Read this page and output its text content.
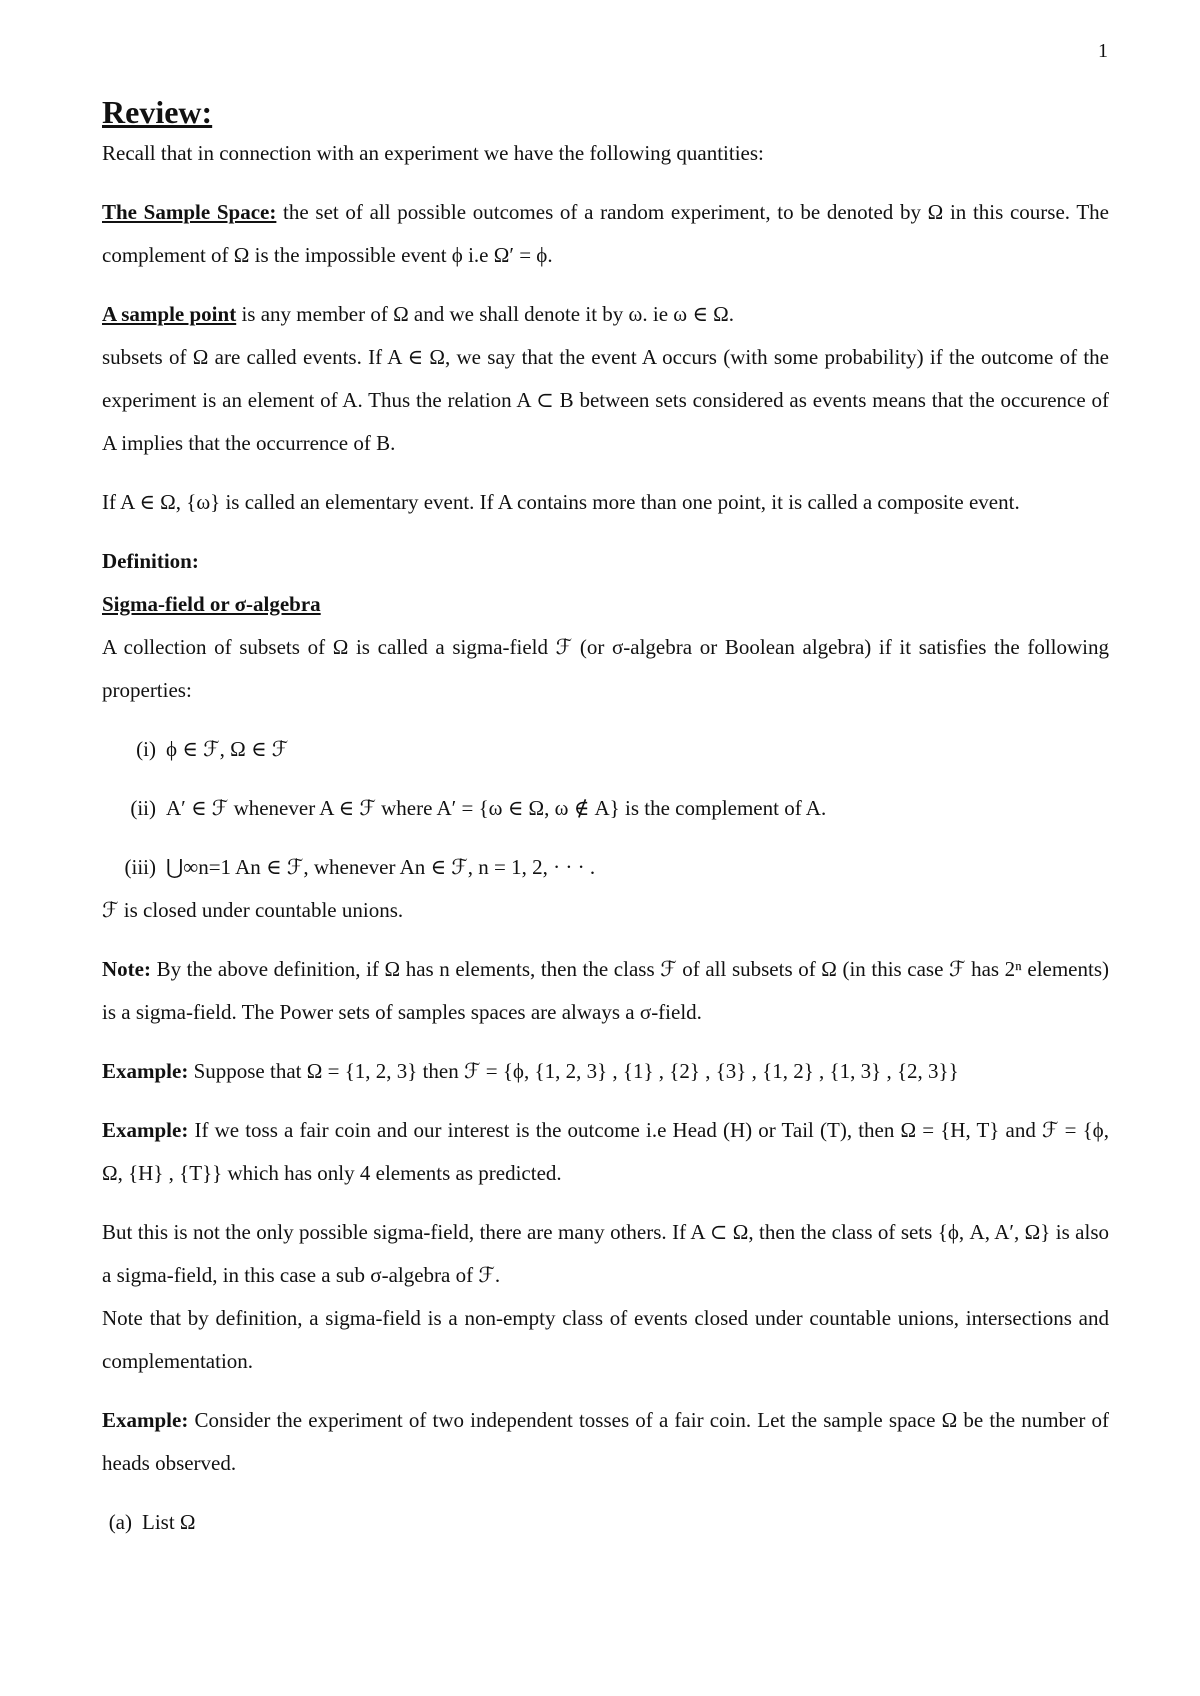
1

Review:

Recall that in connection with an experiment we have the following quantities:

The Sample Space: the set of all possible outcomes of a random experiment, to be denoted by Ω in this course. The complement of Ω is the impossible event ϕ i.e Ω′ = ϕ.

A sample point is any member of Ω and we shall denote it by ω. ie ω ∈ Ω.

subsets of Ω are called events. If A ∈ Ω, we say that the event A occurs (with some probability) if the outcome of the experiment is an element of A. Thus the relation A ⊂ B between sets considered as events means that the occurence of A implies that the occurrence of B.

If A ∈ Ω, {ω} is called an elementary event. If A contains more than one point, it is called a composite event.

Definition:

Sigma-field or σ-algebra

A collection of subsets of Ω is called a sigma-field ℱ (or σ-algebra or Boolean algebra) if it satisfies the following properties:

(i) ϕ ∈ ℱ, Ω ∈ ℱ
(ii) A′ ∈ ℱ whenever A ∈ ℱ where A′ = {ω ∈ Ω, ω ∉ A} is the complement of A.
(iii) ⋃∞n=1 An ∈ ℱ, whenever An ∈ ℱ, n = 1, 2, · · · .

ℱ is closed under countable unions.

Note: By the above definition, if Ω has n elements, then the class ℱ of all subsets of Ω (in this case ℱ has 2ⁿ elements) is a sigma-field. The Power sets of samples spaces are always a σ-field.

Example: Suppose that Ω = {1, 2, 3} then ℱ = {ϕ, {1, 2, 3} , {1} , {2} , {3} , {1, 2} , {1, 3} , {2, 3}}

Example: If we toss a fair coin and our interest is the outcome i.e Head (H) or Tail (T), then Ω = {H, T} and ℱ = {ϕ, Ω, {H} , {T}} which has only 4 elements as predicted.

But this is not the only possible sigma-field, there are many others. If A ⊂ Ω, then the class of sets {ϕ, A, A′, Ω} is also a sigma-field, in this case a sub σ-algebra of ℱ.

Note that by definition, a sigma-field is a non-empty class of events closed under countable unions, intersections and complementation.

Example: Consider the experiment of two independent tosses of a fair coin. Let the sample space Ω be the number of heads observed.

(a) List Ω
